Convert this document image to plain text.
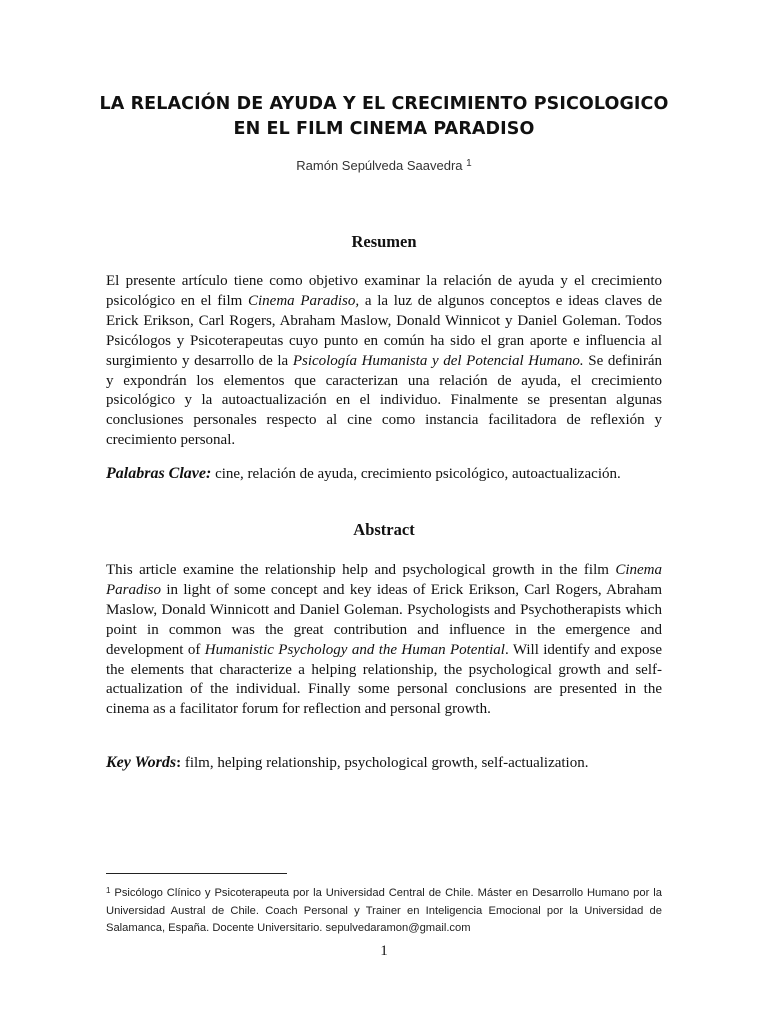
LA RELACIÓN DE AYUDA Y EL CRECIMIENTO PSICOLOGICO
EN EL FILM CINEMA PARADISO
Ramón Sepúlveda Saavedra $^1$
Resumen
El presente artículo tiene como objetivo examinar la relación de ayuda y el crecimiento psicológico en el film Cinema Paradiso, a la luz de algunos conceptos e ideas claves de Erick Erikson, Carl Rogers, Abraham Maslow, Donald Winnicot y Daniel Goleman. Todos Psicólogos y Psicoterapeutas cuyo punto en común ha sido el gran aporte e influencia al surgimiento y desarrollo de la Psicología Humanista y del Potencial Humano. Se definirán y expondrán los elementos que caracterizan una relación de ayuda, el crecimiento psicológico y la autoactualización en el individuo. Finalmente se presentan algunas conclusiones personales respecto al cine como instancia facilitadora de reflexión y crecimiento personal.
Palabras Clave: cine, relación de ayuda, crecimiento psicológico, autoactualización.
Abstract
This article examine the relationship help and psychological growth in the film Cinema Paradiso in light of some concept and key ideas of Erick Erikson, Carl Rogers, Abraham Maslow, Donald Winnicott and Daniel Goleman. Psychologists and Psychotherapists which point in common was the great contribution and influence in the emergence and development of Humanistic Psychology and the Human Potential. Will identify and expose the elements that characterize a helping relationship, the psychological growth and self-actualization of the individual. Finally some personal conclusions are presented in the cinema as a facilitator forum for reflection and personal growth.
Key Words: film, helping relationship, psychological growth, self-actualization.
$^1$ Psicólogo Clínico y Psicoterapeuta por la Universidad Central de Chile. Máster en Desarrollo Humano por la Universidad Austral de Chile. Coach Personal y Trainer en Inteligencia Emocional por la Universidad de Salamanca, España. Docente Universitario. sepulvedaramon@gmail.com
1
